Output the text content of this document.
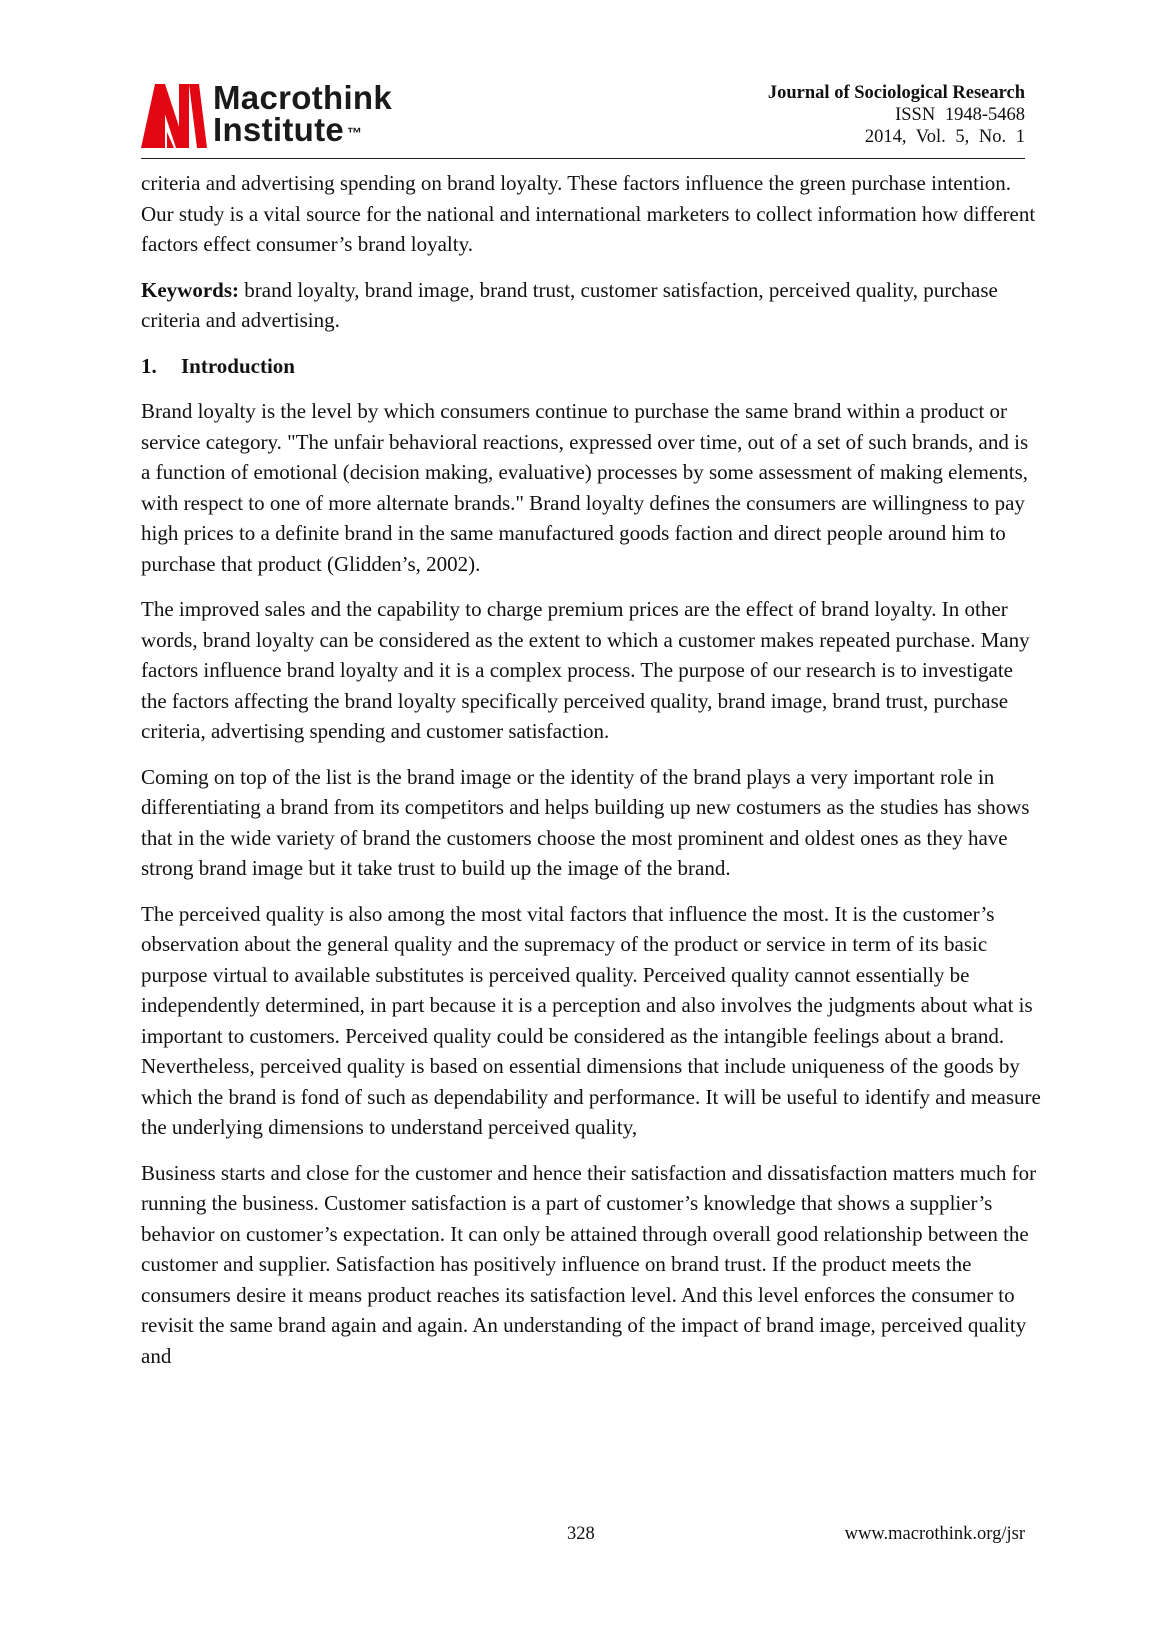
Macrothink
Institute ™
Journal of Sociological Research
ISSN 1948-5468
2014, Vol. 5, No. 1

criteria and advertising spending on brand loyalty. These factors influence the green purchase intention. Our study is a vital source for the national and international marketers to collect information how different factors effect consumer’s brand loyalty.

Keywords: brand loyalty, brand image, brand trust, customer satisfaction, perceived quality, purchase criteria and advertising.

1. Introduction

Brand loyalty is the level by which consumers continue to purchase the same brand within a product or service category. "The unfair behavioral reactions, expressed over time, out of a set of such brands, and is a function of emotional (decision making, evaluative) processes by some assessment of making elements, with respect to one of more alternate brands." Brand loyalty defines the consumers are willingness to pay high prices to a definite brand in the same manufactured goods faction and direct people around him to purchase that product (Glidden’s, 2002).

The improved sales and the capability to charge premium prices are the effect of brand loyalty. In other words, brand loyalty can be considered as the extent to which a customer makes repeated purchase. Many factors influence brand loyalty and it is a complex process. The purpose of our research is to investigate the factors affecting the brand loyalty specifically perceived quality, brand image, brand trust, purchase criteria, advertising spending and customer satisfaction.

Coming on top of the list is the brand image or the identity of the brand plays a very important role in differentiating a brand from its competitors and helps building up new costumers as the studies has shows that in the wide variety of brand the customers choose the most prominent and oldest ones as they have strong brand image but it take trust to build up the image of the brand.

The perceived quality is also among the most vital factors that influence the most. It is the customer’s observation about the general quality and the supremacy of the product or service in term of its basic purpose virtual to available substitutes is perceived quality. Perceived quality cannot essentially be independently determined, in part because it is a perception and also involves the judgments about what is important to customers. Perceived quality could be considered as the intangible feelings about a brand. Nevertheless, perceived quality is based on essential dimensions that include uniqueness of the goods by which the brand is fond of such as dependability and performance. It will be useful to identify and measure the underlying dimensions to understand perceived quality,

Business starts and close for the customer and hence their satisfaction and dissatisfaction matters much for running the business. Customer satisfaction is a part of customer’s knowledge that shows a supplier’s behavior on customer’s expectation. It can only be attained through overall good relationship between the customer and supplier. Satisfaction has positively influence on brand trust. If the product meets the consumers desire it means product reaches its satisfaction level. And this level enforces the consumer to revisit the same brand again and again. An understanding of the impact of brand image, perceived quality and

328	www.macrothink.org/jsr
